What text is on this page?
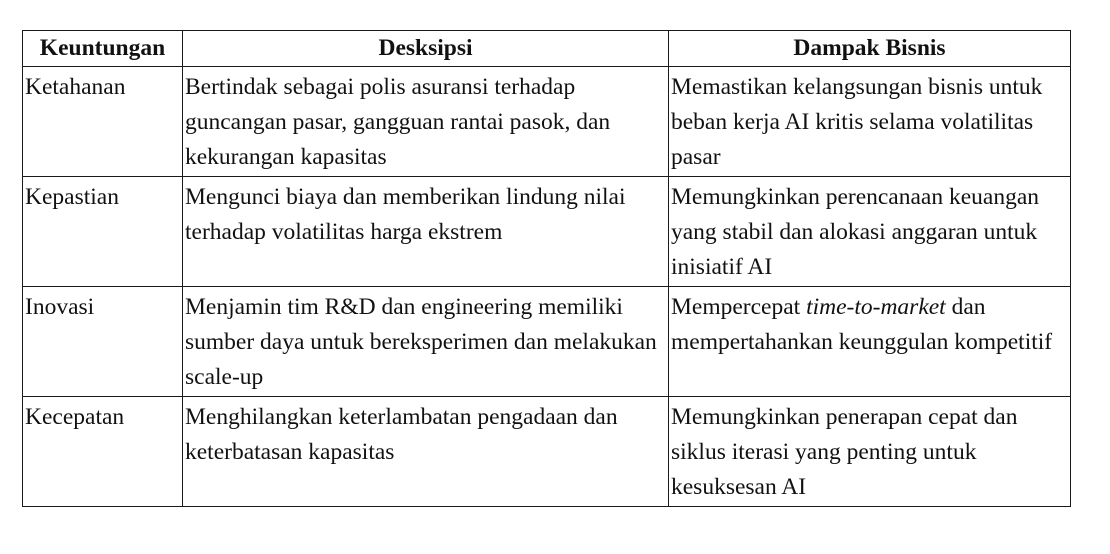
Keuntungan	Desksipsi	Dampak Bisnis
Ketahanan	Bertindak sebagai polis asuransi terhadap guncangan pasar, gangguan rantai pasok, dan kekurangan kapasitas	Memastikan kelangsungan bisnis untuk beban kerja AI kritis selama volatilitas pasar
Kepastian	Mengunci biaya dan memberikan lindung nilai terhadap volatilitas harga ekstrem	Memungkinkan perencanaan keuangan yang stabil dan alokasi anggaran untuk inisiatif AI
Inovasi	Menjamin tim R&D dan engineering memiliki sumber daya untuk bereksperimen dan melakukan scale-up	Mempercepat time-to-market dan mempertahankan keunggulan kompetitif
Kecepatan	Menghilangkan keterlambatan pengadaan dan keterbatasan kapasitas	Memungkinkan penerapan cepat dan siklus iterasi yang penting untuk kesuksesan AI
